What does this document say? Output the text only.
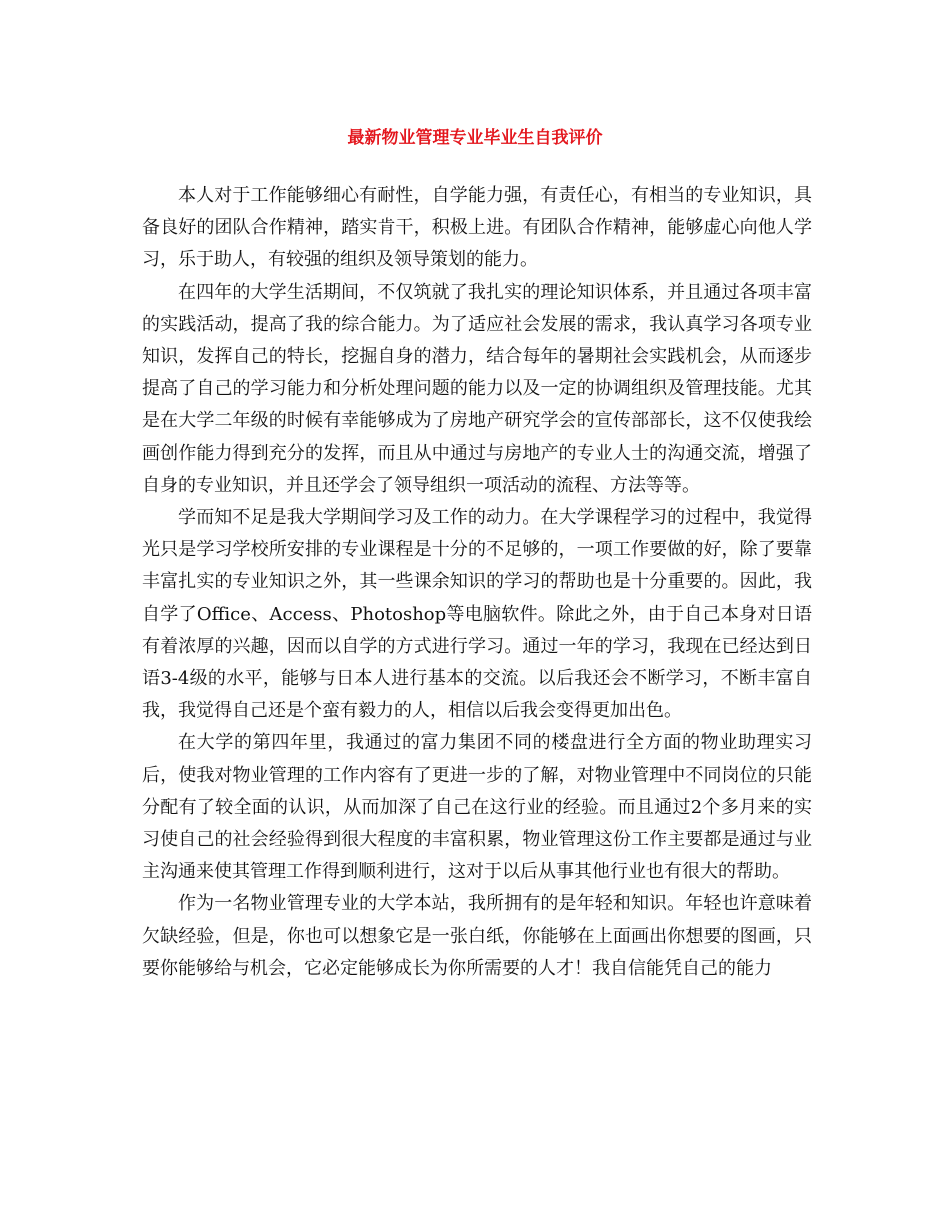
最新物业管理专业毕业生自我评价

本人对于工作能够细心有耐性，自学能力强，有责任心，有相当的专业知识，具备良好的团队合作精神，踏实肯干，积极上进。有团队合作精神，能够虚心向他人学习，乐于助人，有较强的组织及领导策划的能力。

在四年的大学生活期间，不仅筑就了我扎实的理论知识体系，并且通过各项丰富的实践活动，提高了我的综合能力。为了适应社会发展的需求，我认真学习各项专业知识，发挥自己的特长，挖掘自身的潜力，结合每年的暑期社会实践机会，从而逐步提高了自己的学习能力和分析处理问题的能力以及一定的协调组织及管理技能。尤其是在大学二年级的时候有幸能够成为了房地产研究学会的宣传部部长，这不仅使我绘画创作能力得到充分的发挥，而且从中通过与房地产的专业人士的沟通交流，增强了自身的专业知识，并且还学会了领导组织一项活动的流程、方法等等。

学而知不足是我大学期间学习及工作的动力。在大学课程学习的过程中，我觉得光只是学习学校所安排的专业课程是十分的不足够的，一项工作要做的好，除了要靠丰富扎实的专业知识之外，其一些课余知识的学习的帮助也是十分重要的。因此，我自学了Office、Access、Photoshop等电脑软件。除此之外，由于自己本身对日语有着浓厚的兴趣，因而以自学的方式进行学习。通过一年的学习，我现在已经达到日语3-4级的水平，能够与日本人进行基本的交流。以后我还会不断学习，不断丰富自我，我觉得自己还是个蛮有毅力的人，相信以后我会变得更加出色。

在大学的第四年里，我通过的富力集团不同的楼盘进行全方面的物业助理实习后，使我对物业管理的工作内容有了更进一步的了解，对物业管理中不同岗位的只能分配有了较全面的认识，从而加深了自己在这行业的经验。而且通过2个多月来的实习使自己的社会经验得到很大程度的丰富积累，物业管理这份工作主要都是通过与业主沟通来使其管理工作得到顺利进行，这对于以后从事其他行业也有很大的帮助。

作为一名物业管理专业的大学本站，我所拥有的是年轻和知识。年轻也许意味着欠缺经验，但是，你也可以想象它是一张白纸，你能够在上面画出你想要的图画，只要你能够给与机会，它必定能够成长为你所需要的人才！我自信能凭自己的能力
